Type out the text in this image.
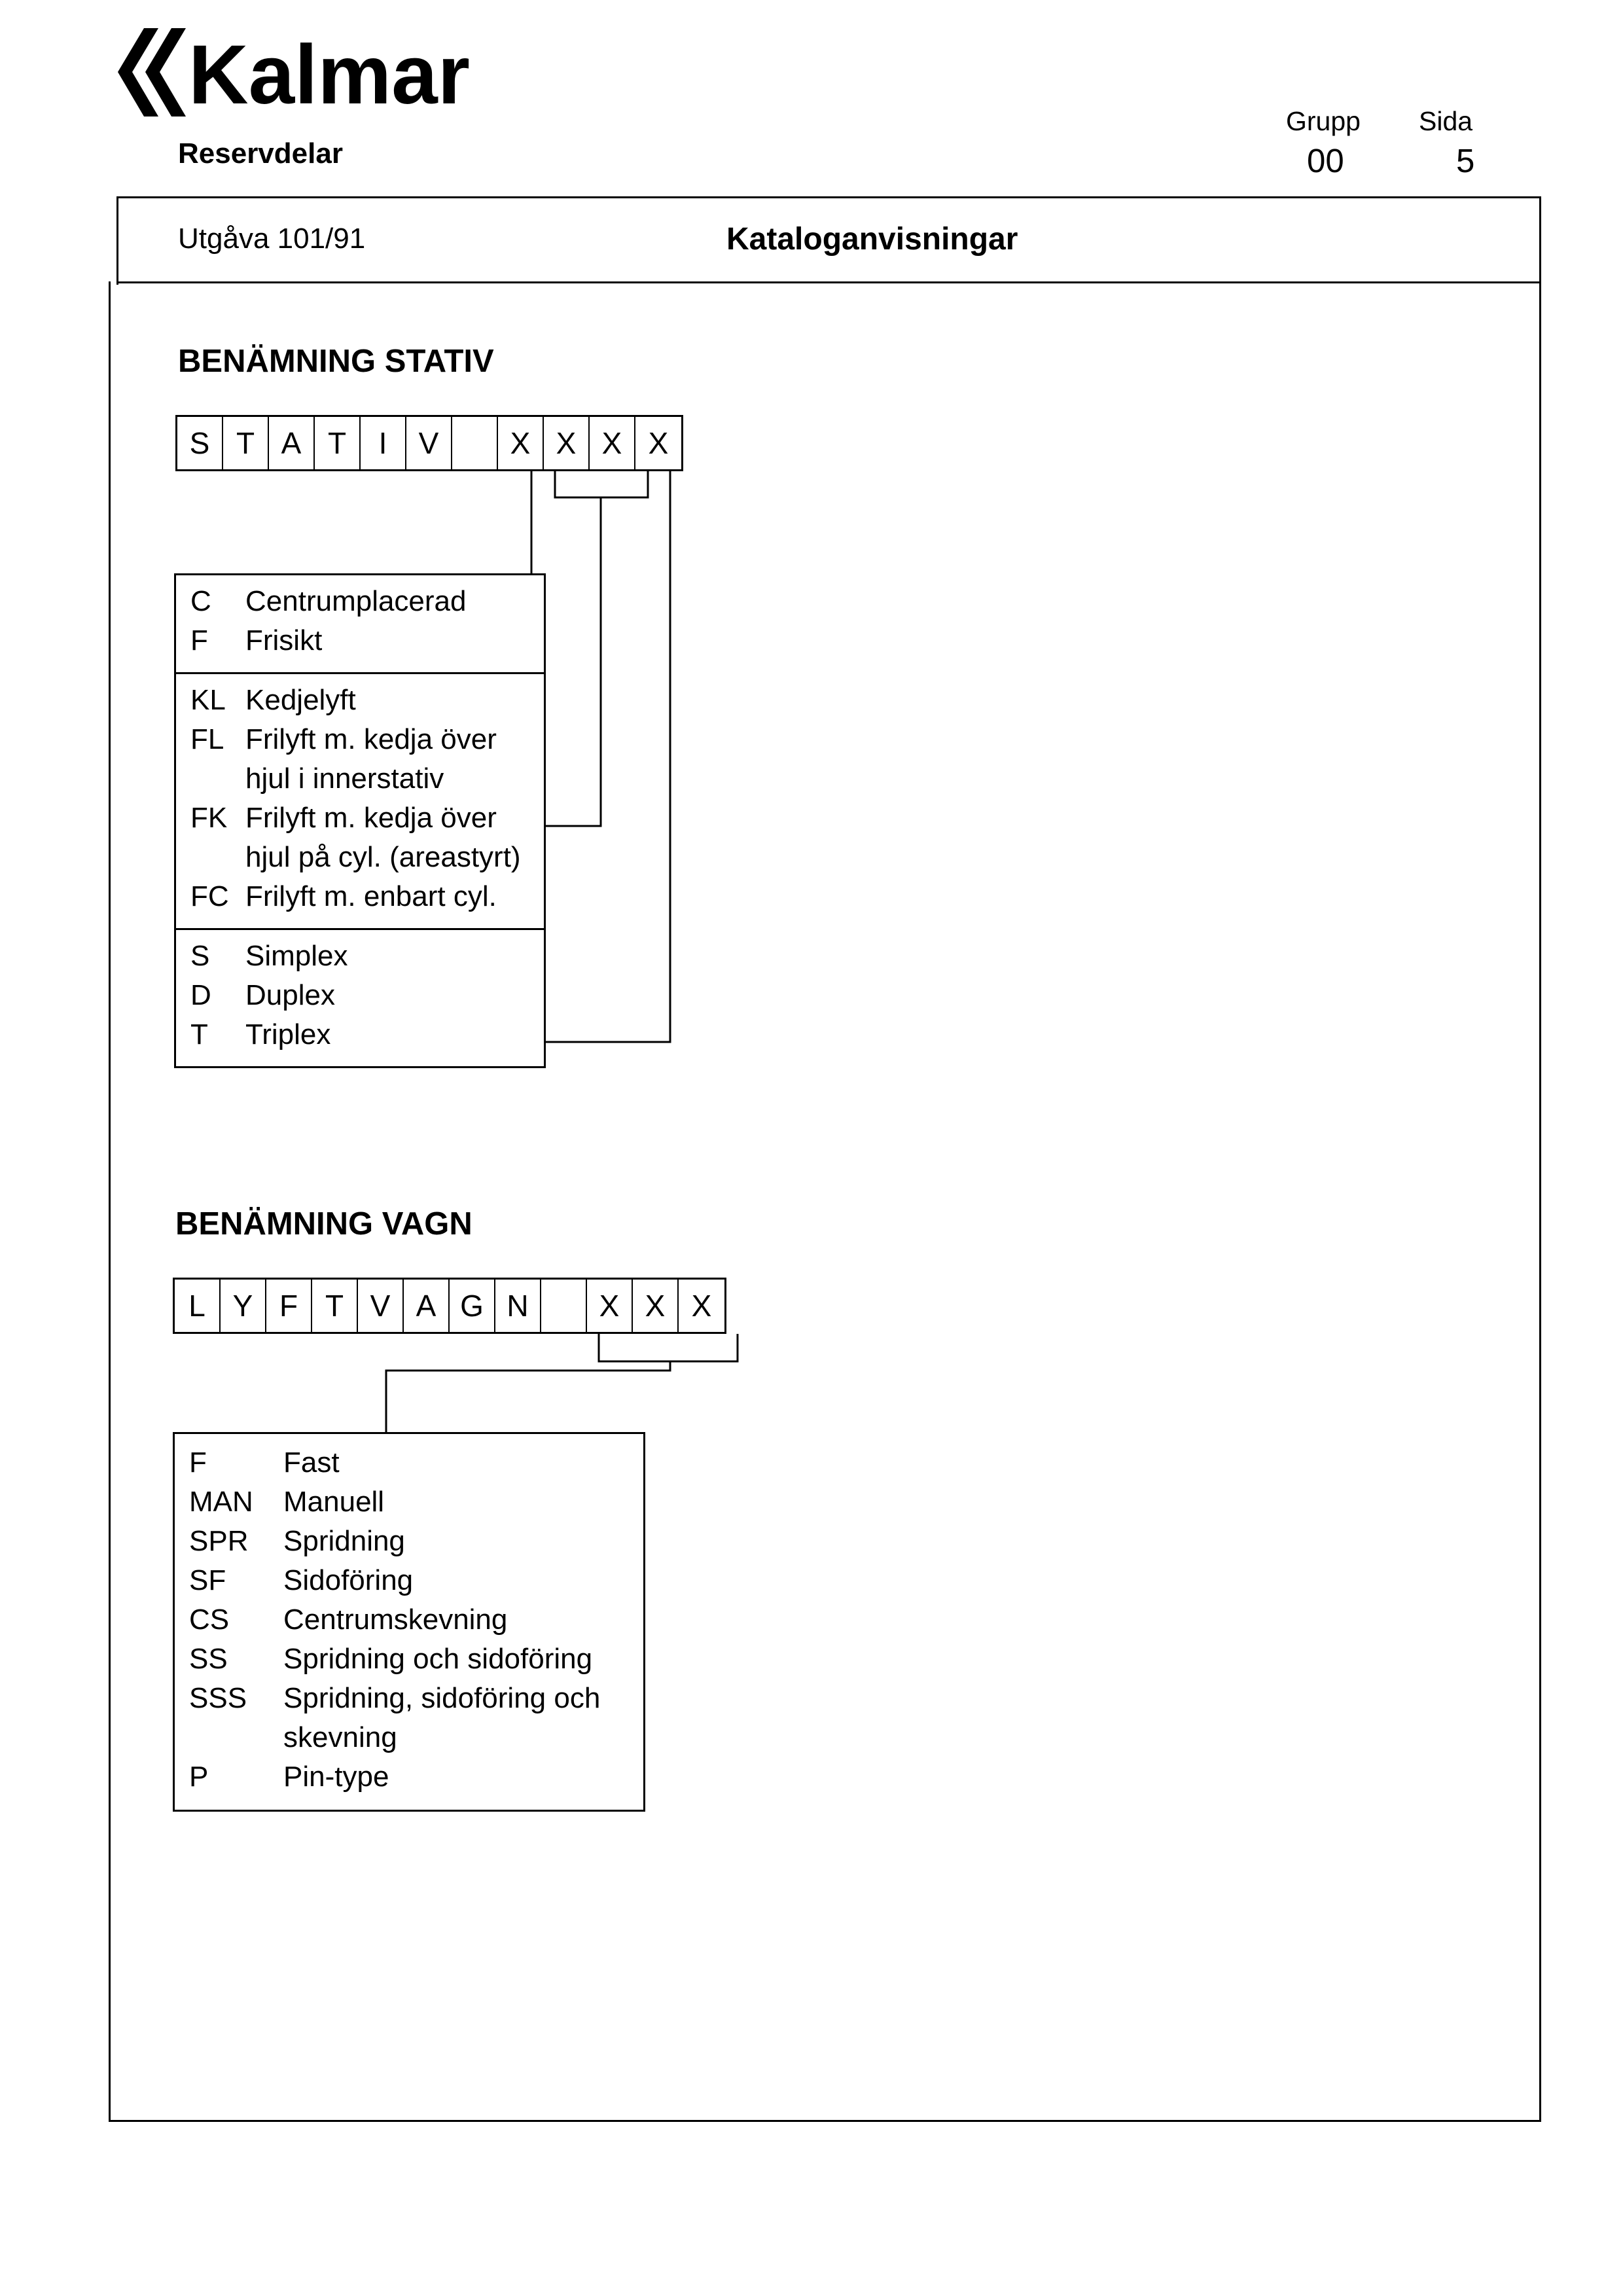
Kalmar
Reservdelar
Grupp
00
Sida
5
Utgåva 101/91	Kataloganvisningar
BENÄMNING STATIV
S T A T	I	V	X X X X
C	Centrumplacerad
F	Frisikt
KL Kedjelyft
FL Frilyft m. kedja över
hjul i innerstativ
FK Frilyft m. kedja över
hjul på cyl. (areastyrt)
FC Frilyft m. enbart cyl.
S	Simplex
D	Duplex
T	Triplex
BENÄMNING VAGN
L Y F T V A G N	X X X
F	Fast
MAN	Manuell
SPR	Spridning
SF	Sidoföring
CS	Centrumskevning
SS	Spridning och sidoföring
SSS	Spridning, sidoföring och
skevning
P	Pin-type
